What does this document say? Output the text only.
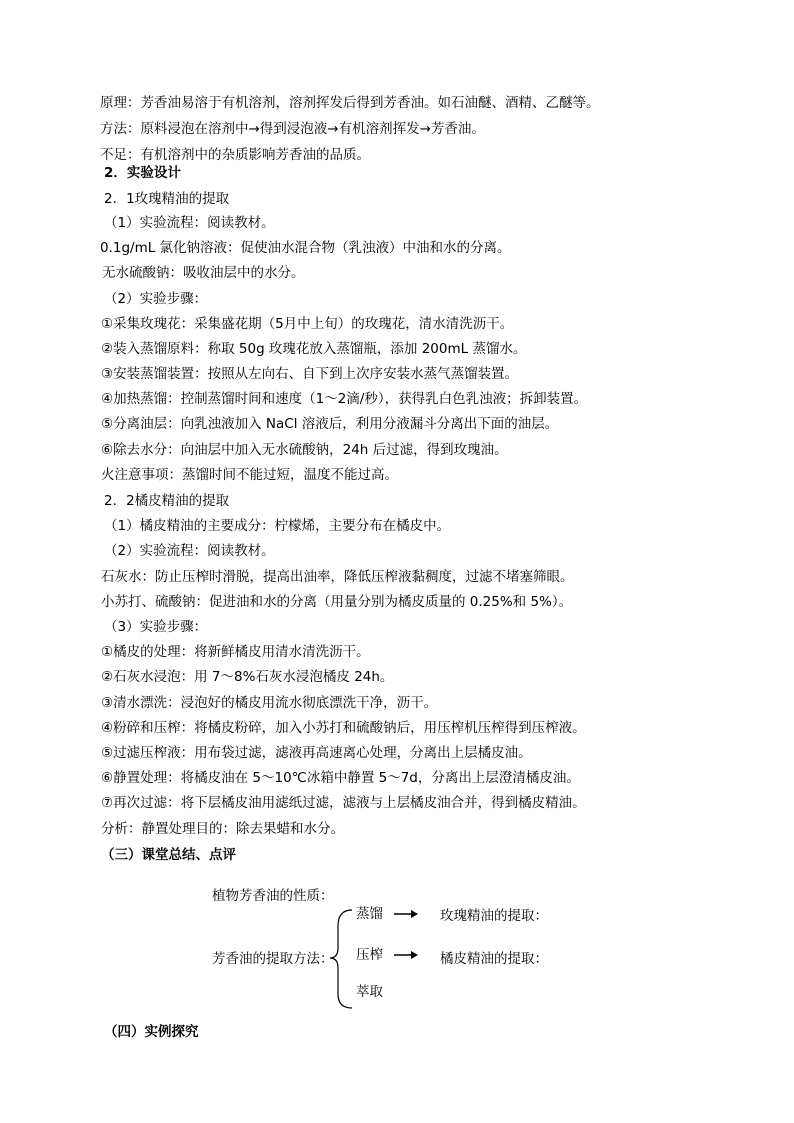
原理：芳香油易溶于有机溶剂，溶剂挥发后得到芳香油。如石油醚、酒精、乙醚等。
方法：原料浸泡在溶剂中→得到浸泡液→有机溶剂挥发→芳香油。
不足：有机溶剂中的杂质影响芳香油的品质。
2．实验设计
2．1玫瑰精油的提取
（1）实验流程：阅读教材。
0.1g/mL 氯化钠溶液：促使油水混合物（乳浊液）中油和水的分离。
无水硫酸钠：吸收油层中的水分。
（2）实验步骤：
①采集玫瑰花：采集盛花期（5月中上旬）的玫瑰花，清水清洗沥干。
②装入蒸馏原料：称取 50g 玫瑰花放入蒸馏瓶，添加 200mL 蒸馏水。
③安装蒸馏装置：按照从左向右、自下到上次序安装水蒸气蒸馏装置。
④加热蒸馏：控制蒸馏时间和速度（1～2滴/秒），获得乳白色乳浊液；拆卸装置。
⑤分离油层：向乳浊液加入 NaCl 溶液后，利用分液漏斗分离出下面的油层。
⑥除去水分：向油层中加入无水硫酸钠，24h 后过滤，得到玫瑰油。
火注意事项：蒸馏时间不能过短，温度不能过高。
2．2橘皮精油的提取
（1）橘皮精油的主要成分：柠檬烯，主要分布在橘皮中。
（2）实验流程：阅读教材。
石灰水：防止压榨时滑脱，提高出油率，降低压榨液黏稠度，过滤不堵塞筛眼。
小苏打、硫酸钠：促进油和水的分离（用量分别为橘皮质量的 0.25%和 5%）。
（3）实验步骤：
①橘皮的处理：将新鲜橘皮用清水清洗沥干。
②石灰水浸泡：用 7～8%石灰水浸泡橘皮 24h。
③清水漂洗：浸泡好的橘皮用流水彻底漂洗干净，沥干。
④粉碎和压榨：将橘皮粉碎，加入小苏打和硫酸钠后，用压榨机压榨得到压榨液。
⑤过滤压榨液：用布袋过滤，滤液再高速离心处理，分离出上层橘皮油。
⑥静置处理：将橘皮油在 5～10℃冰箱中静置 5～7d，分离出上层澄清橘皮油。
⑦再次过滤：将下层橘皮油用滤纸过滤，滤液与上层橘皮油合并，得到橘皮精油。
分析：静置处理目的：除去果蜡和水分。
（三）课堂总结、点评
植物芳香油的性质：
芳香油的提取方法：
蒸馏
压榨
萃取
玫瑰精油的提取：
橘皮精油的提取：
（四）实例探究
